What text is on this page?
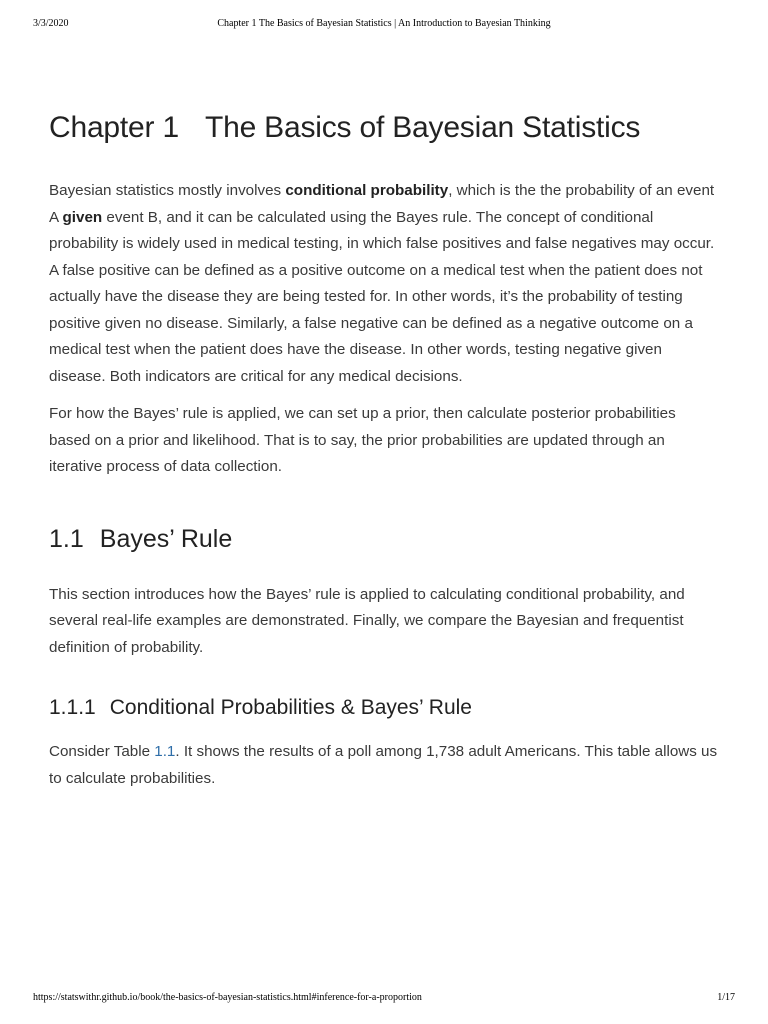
3/3/2020	Chapter 1 The Basics of Bayesian Statistics | An Introduction to Bayesian Thinking
Chapter 1 The Basics of Bayesian Statistics

Bayesian statistics mostly involves conditional probability, which is the the probability of an event A given event B, and it can be calculated using the Bayes rule. The concept of conditional probability is widely used in medical testing, in which false positives and false negatives may occur. A false positive can be defined as a positive outcome on a medical test when the patient does not actually have the disease they are being tested for. In other words, it’s the probability of testing positive given no disease. Similarly, a false negative can be defined as a negative outcome on a medical test when the patient does have the disease. In other words, testing negative given disease. Both indicators are critical for any medical decisions.

For how the Bayes’ rule is applied, we can set up a prior, then calculate posterior probabilities based on a prior and likelihood. That is to say, the prior probabilities are updated through an iterative process of data collection.

1.1 Bayes’ Rule

This section introduces how the Bayes’ rule is applied to calculating conditional probability, and several real-life examples are demonstrated. Finally, we compare the Bayesian and frequentist definition of probability.

1.1.1 Conditional Probabilities & Bayes’ Rule

Consider Table 1.1. It shows the results of a poll among 1,738 adult Americans. This table allows us to calculate probabilities.

https://statswithr.github.io/book/the-basics-of-bayesian-statistics.html#inference-for-a-proportion	1/17
